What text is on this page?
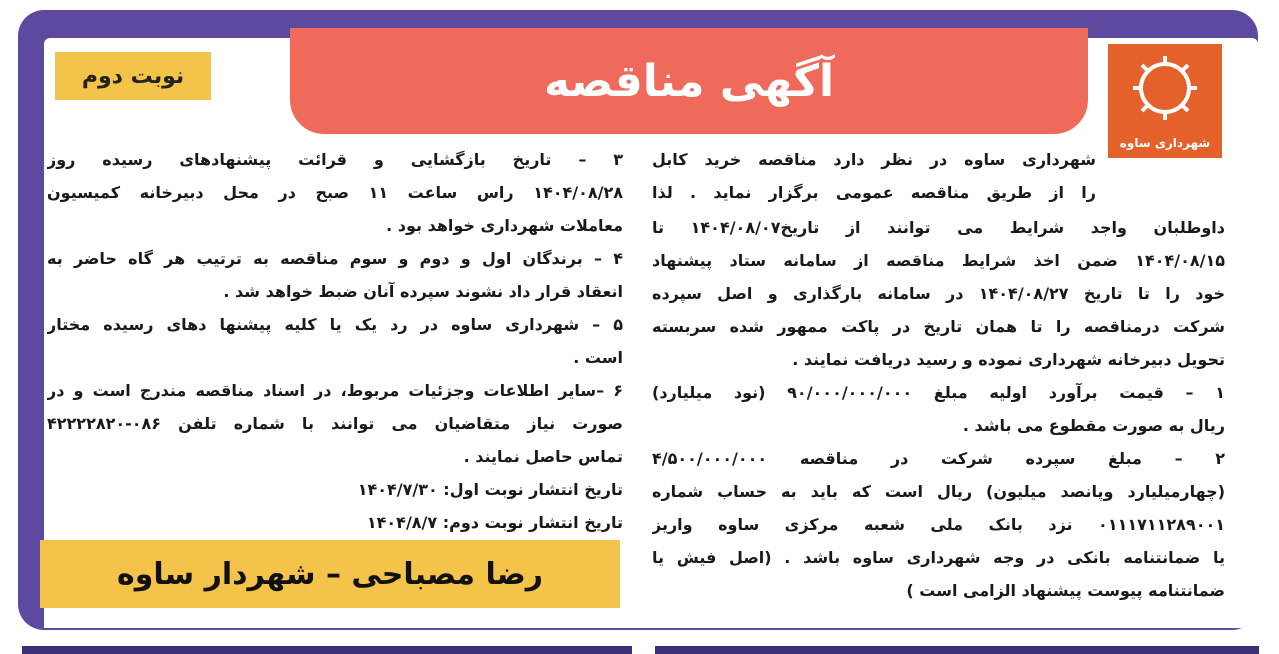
آگهی مناقصه
نوبت دوم
شهرداری ساوه
شهرداری ساوه در نظر دارد مناقصه خرید کابل
را از طریق مناقصه عمومی برگزار نماید . لذا
داوطلبان واجد شرایط می توانند از تاریخ۱۴۰۴/۰۸/۰۷ تا
۱۴۰۴/۰۸/۱۵ ضمن اخذ شرایط مناقصه از سامانه ستاد پیشنهاد
خود را تا تاریخ ۱۴۰۴/۰۸/۲۷ در سامانه بارگذاری و اصل سپرده
شرکت درمناقصه را تا همان تاریخ در پاکت ممهور شده سربسته
تحویل دبیرخانه شهرداری نموده و رسید دریافت نمایند .
۱ – قیمت برآورد اولیه مبلغ ۹۰/۰۰۰/۰۰۰/۰۰۰ (نود میلیارد)
ریال به صورت مقطوع می باشد .
۲ – مبلغ سپرده شرکت در مناقصه ۴/۵۰۰/۰۰۰/۰۰۰
(چهارمیلیارد وپانصد میلیون) ریال است که باید به حساب شماره
۰۱۱۱۷۱۱۲۸۹۰۰۱ نزد بانک ملی شعبه مرکزی ساوه واریز
یا ضمانتنامه بانکی در وجه شهرداری ساوه باشد . (اصل فیش یا
ضمانتنامه پیوست پیشنهاد الزامی است )
۳ – تاریخ بازگشایی و قرائت پیشنهادهای رسیده روز
۱۴۰۴/۰۸/۲۸ راس ساعت ۱۱ صبح در محل دبیرخانه کمیسیون
معاملات شهرداری خواهد بود .
۴ – برندگان اول و دوم و سوم مناقصه به ترتیب هر گاه حاضر به
انعقاد قرار داد نشوند سپرده آنان ضبط خواهد شد .
۵ – شهرداری ساوه در رد یک یا کلیه پیشنها دهای رسیده مختار
است .
۶ –سایر اطلاعات وجزئیات مربوط، در اسناد مناقصه مندرج است و در
صورت نیاز متقاضیان می توانند با شماره تلفن ۰۸۶-۴۲۲۲۲۸۲۰
تماس حاصل نمایند .
تاریخ انتشار نوبت اول: ۱۴۰۴/۷/۳۰
تاریخ انتشار نوبت دوم: ۱۴۰۴/۸/۷
رضا مصباحی – شهردار ساوه
